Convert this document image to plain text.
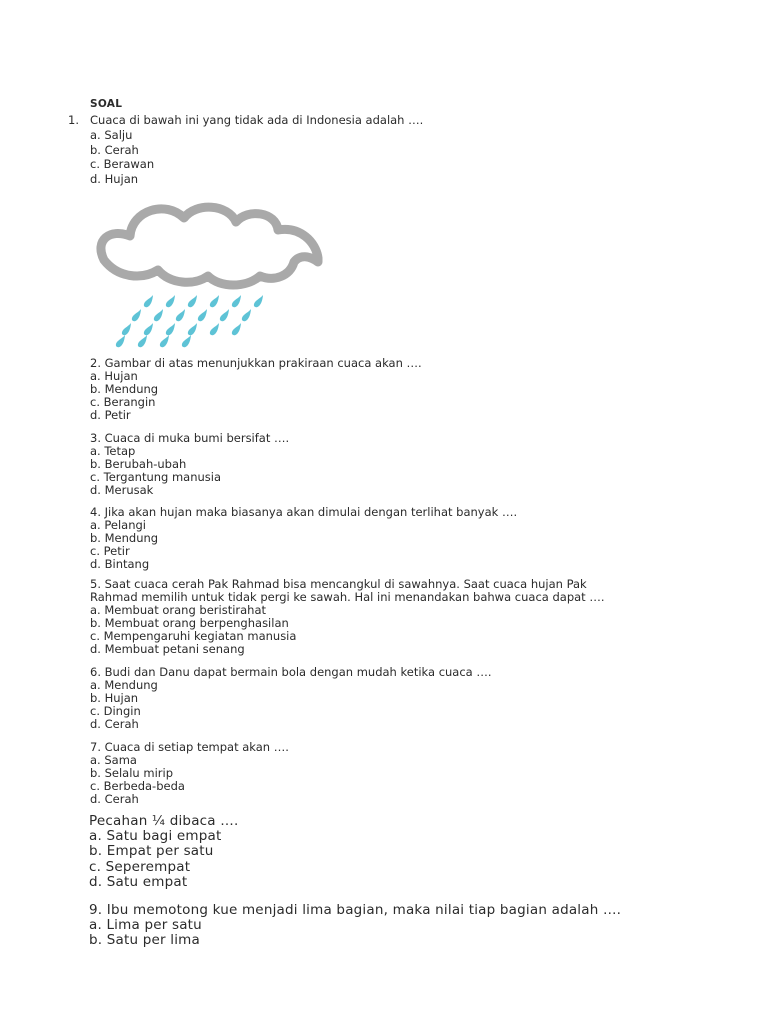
SOAL
1. Cuaca di bawah ini yang tidak ada di Indonesia adalah ….
a. Salju
b. Cerah
c. Berawan
d. Hujan
2. Gambar di atas menunjukkan prakiraan cuaca akan ….
a. Hujan
b. Mendung
c. Berangin
d. Petir
3. Cuaca di muka bumi bersifat ….
a. Tetap
b. Berubah-ubah
c. Tergantung manusia
d. Merusak
4. Jika akan hujan maka biasanya akan dimulai dengan terlihat banyak ….
a. Pelangi
b. Mendung
c. Petir
d. Bintang
5. Saat cuaca cerah Pak Rahmad bisa mencangkul di sawahnya. Saat cuaca hujan Pak
Rahmad memilih untuk tidak pergi ke sawah. Hal ini menandakan bahwa cuaca dapat ….
a. Membuat orang beristirahat
b. Membuat orang berpenghasilan
c. Mempengaruhi kegiatan manusia
d. Membuat petani senang
6. Budi dan Danu dapat bermain bola dengan mudah ketika cuaca ….
a. Mendung
b. Hujan
c. Dingin
d. Cerah
7. Cuaca di setiap tempat akan ….
a. Sama
b. Selalu mirip
c. Berbeda-beda
d. Cerah
Pecahan ¼ dibaca ….
a. Satu bagi empat
b. Empat per satu
c. Seperempat
d. Satu empat
9. Ibu memotong kue menjadi lima bagian, maka nilai tiap bagian adalah ….
a. Lima per satu
b. Satu per lima
